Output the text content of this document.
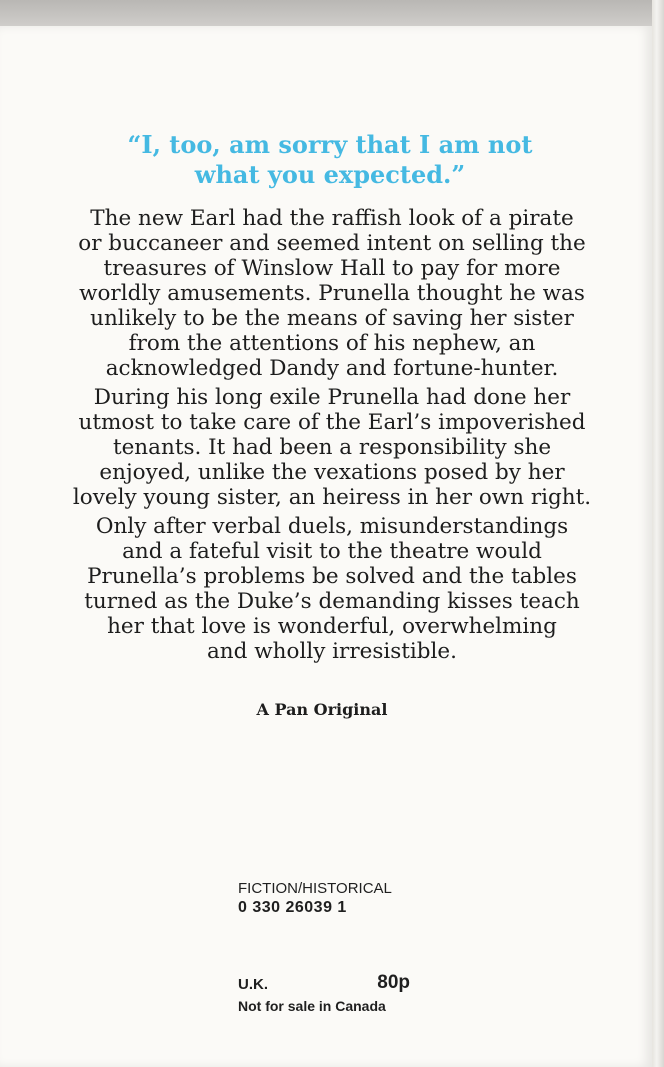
“I, too, am sorry that I am not
what you expected.”
The new Earl had the raffish look of a pirate
or buccaneer and seemed intent on selling the
treasures of Winslow Hall to pay for more
worldly amusements. Prunella thought he was
unlikely to be the means of saving her sister
from the attentions of his nephew, an
acknowledged Dandy and fortune-hunter.
During his long exile Prunella had done her
utmost to take care of the Earl’s impoverished
tenants. It had been a responsibility she
enjoyed, unlike the vexations posed by her
lovely young sister, an heiress in her own right.
Only after verbal duels, misunderstandings
and a fateful visit to the theatre would
Prunella’s problems be solved and the tables
turned as the Duke’s demanding kisses teach
her that love is wonderful, overwhelming
and wholly irresistible.
A Pan Original
FICTION/HISTORICAL
0 330 26039 1
U.K.	80p
Not for sale in Canada
